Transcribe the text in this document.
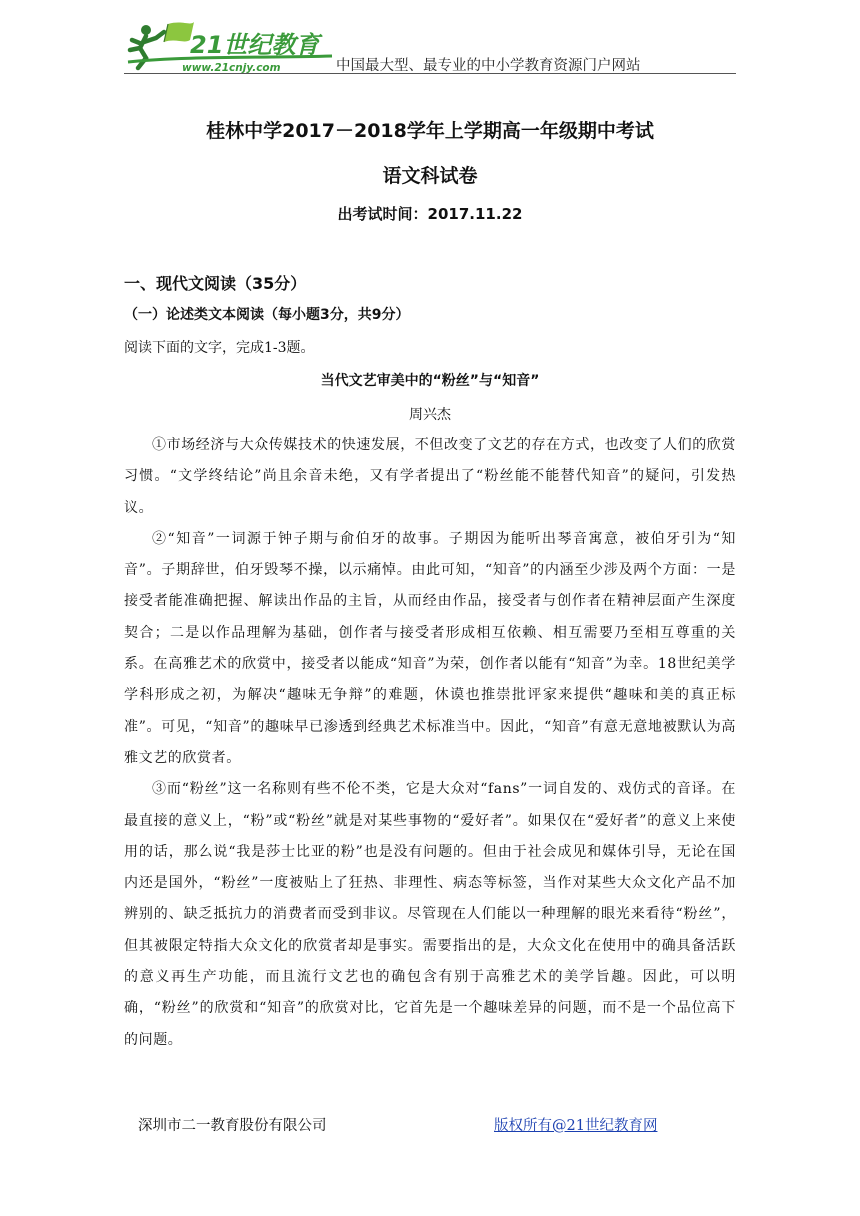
21世纪教育
www.21cnjy.com	中国最大型、最专业的中小学教育资源门户网站
桂林中学2017－2018学年上学期高一年级期中考试
语文科试卷
出考试时间：2017.11.22
一、现代文阅读（35分）
（一）论述类文本阅读（每小题3分，共9分）
阅读下面的文字，完成1-3题。
当代文艺审美中的“粉丝”与“知音”
周兴杰

①市场经济与大众传媒技术的快速发展，不但改变了文艺的存在方式，也改变了人们的欣赏习惯。“文学终结论”尚且余音未绝，又有学者提出了“粉丝能不能替代知音”的疑问，引发热议。

②“知音”一词源于钟子期与俞伯牙的故事。子期因为能听出琴音寓意，被伯牙引为“知音”。子期辞世，伯牙毁琴不操，以示痛悼。由此可知，“知音”的内涵至少涉及两个方面：一是接受者能准确把握、解读出作品的主旨，从而经由作品，接受者与创作者在精神层面产生深度契合；二是以作品理解为基础，创作者与接受者形成相互依赖、相互需要乃至相互尊重的关系。在高雅艺术的欣赏中，接受者以能成“知音”为荣，创作者以能有“知音”为幸。18世纪美学学科形成之初，为解决“趣味无争辩”的难题，休谟也推崇批评家来提供“趣味和美的真正标准”。可见，“知音”的趣味早已渗透到经典艺术标准当中。因此，“知音”有意无意地被默认为高雅文艺的欣赏者。

③而“粉丝”这一名称则有些不伦不类，它是大众对“fans”一词自发的、戏仿式的音译。在最直接的意义上，“粉”或“粉丝”就是对某些事物的“爱好者”。如果仅在“爱好者”的意义上来使用的话，那么说“我是莎士比亚的粉”也是没有问题的。但由于社会成见和媒体引导，无论在国内还是国外，“粉丝”一度被贴上了狂热、非理性、病态等标签，当作对某些大众文化产品不加辨别的、缺乏抵抗力的消费者而受到非议。尽管现在人们能以一种理解的眼光来看待“粉丝”，但其被限定特指大众文化的欣赏者却是事实。需要指出的是，大众文化在使用中的确具备活跃的意义再生产功能，而且流行文艺也的确包含有别于高雅艺术的美学旨趣。因此，可以明确，“粉丝”的欣赏和“知音”的欣赏对比，它首先是一个趣味差异的问题，而不是一个品位高下的问题。

深圳市二一教育股份有限公司	版权所有@21世纪教育网
